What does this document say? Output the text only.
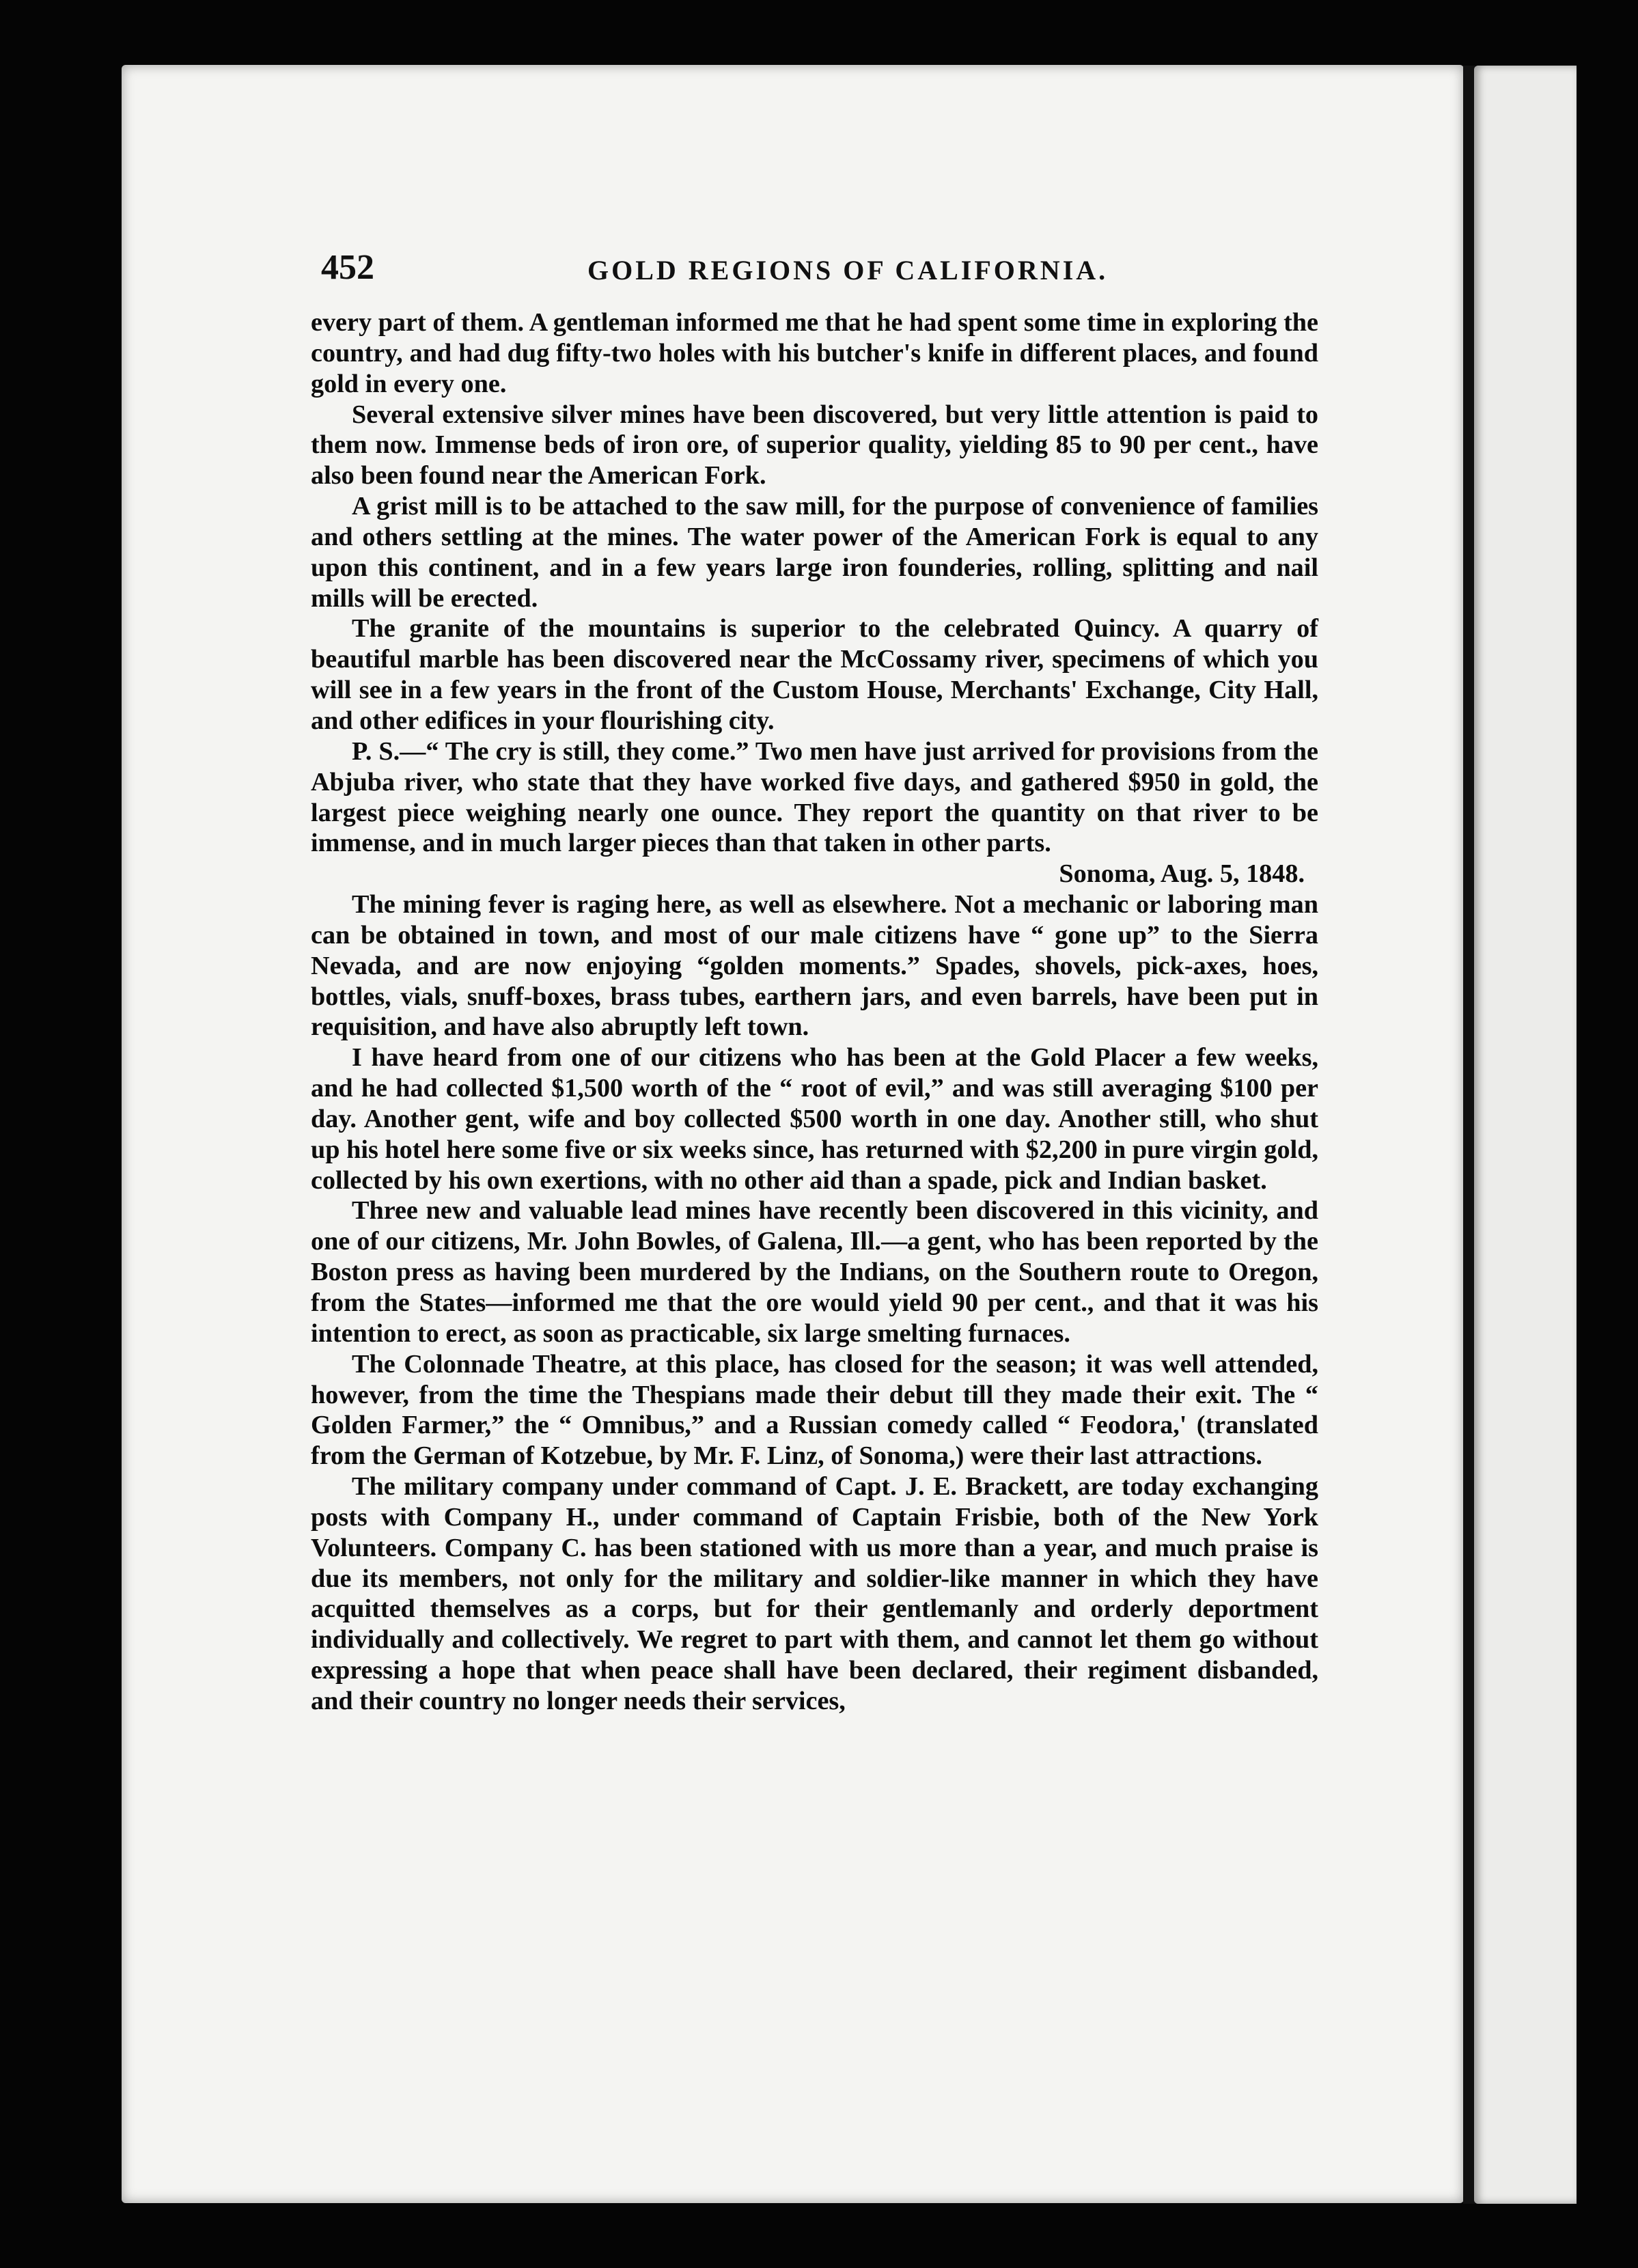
452	GOLD REGIONS OF CALIFORNIA.

every part of them. A gentleman informed me that he had spent some time in exploring the country, and had dug fifty-two holes with his butcher's knife in different places, and found gold in every one.

Several extensive silver mines have been discovered, but very little attention is paid to them now. Immense beds of iron ore, of superior quality, yielding 85 to 90 per cent., have also been found near the American Fork.

A grist mill is to be attached to the saw mill, for the purpose of convenience of families and others settling at the mines. The water power of the American Fork is equal to any upon this continent, and in a few years large iron founderies, rolling, splitting and nail mills will be erected.

The granite of the mountains is superior to the celebrated Quincy. A quarry of beautiful marble has been discovered near the McCossamy river, specimens of which you will see in a few years in the front of the Custom House, Merchants' Exchange, City Hall, and other edifices in your flourishing city.

P. S.—“ The cry is still, they come.” Two men have just arrived for provisions from the Abjuba river, who state that they have worked five days, and gathered $950 in gold, the largest piece weighing nearly one ounce. They report the quantity on that river to be immense, and in much larger pieces than that taken in other parts.

Sonoma, Aug. 5, 1848.

The mining fever is raging here, as well as elsewhere. Not a mechanic or laboring man can be obtained in town, and most of our male citizens have “ gone up” to the Sierra Nevada, and are now enjoying “golden moments.” Spades, shovels, pick-axes, hoes, bottles, vials, snuff-boxes, brass tubes, earthern jars, and even barrels, have been put in requisition, and have also abruptly left town.

I have heard from one of our citizens who has been at the Gold Placer a few weeks, and he had collected $1,500 worth of the “ root of evil,” and was still averaging $100 per day. Another gent, wife and boy collected $500 worth in one day. Another still, who shut up his hotel here some five or six weeks since, has returned with $2,200 in pure virgin gold, collected by his own exertions, with no other aid than a spade, pick and Indian basket.

Three new and valuable lead mines have recently been discovered in this vicinity, and one of our citizens, Mr. John Bowles, of Galena, Ill.—a gent, who has been reported by the Boston press as having been murdered by the Indians, on the Southern route to Oregon, from the States—informed me that the ore would yield 90 per cent., and that it was his intention to erect, as soon as practicable, six large smelting furnaces.

The Colonnade Theatre, at this place, has closed for the season; it was well attended, however, from the time the Thespians made their debut till they made their exit. The “ Golden Farmer,” the “ Omnibus,” and a Russian comedy called “ Feodora,' (translated from the German of Kotzebue, by Mr. F. Linz, of Sonoma,) were their last attractions.

The military company under command of Capt. J. E. Brackett, are today exchanging posts with Company H., under command of Captain Frisbie, both of the New York Volunteers. Company C. has been stationed with us more than a year, and much praise is due its members, not only for the military and soldier-like manner in which they have acquitted themselves as a corps, but for their gentlemanly and orderly deportment individually and collectively. We regret to part with them, and cannot let them go without expressing a hope that when peace shall have been declared, their regiment disbanded, and their country no longer needs their services,
